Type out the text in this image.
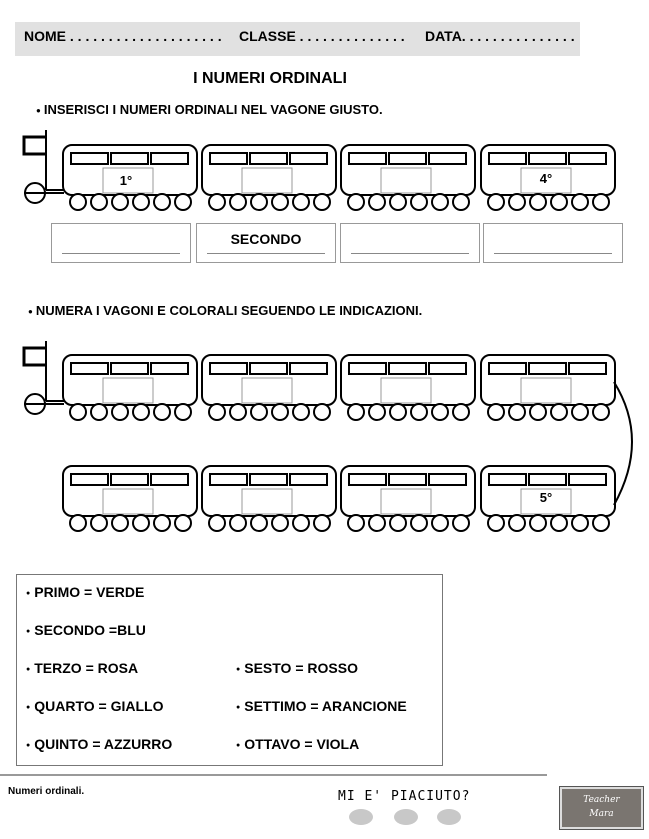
NOME . . . . . . . . . . . . . . . . . . . . CLASSE . . . . . . . . . . . . . . DATA. . . . . . . . . . . . . . .
I NUMERI ORDINALI
● INSERISCI I NUMERI ORDINALI NEL VAGONE GIUSTO.
● NUMERA I VAGONI E COLORALI SEGUENDO LE INDICAZIONI.
1°	4°
SECONDO
5°
● PRIMO = VERDE
● SECONDO =BLU
● TERZO = ROSA
● QUARTO = GIALLO
● QUINTO = AZZURRO
● SESTO = ROSSO
● SETTIMO = ARANCIONE
● OTTAVO = VIOLA
Numeri ordinali.	MI E' PIACIUTO?	Teacher
Mara
